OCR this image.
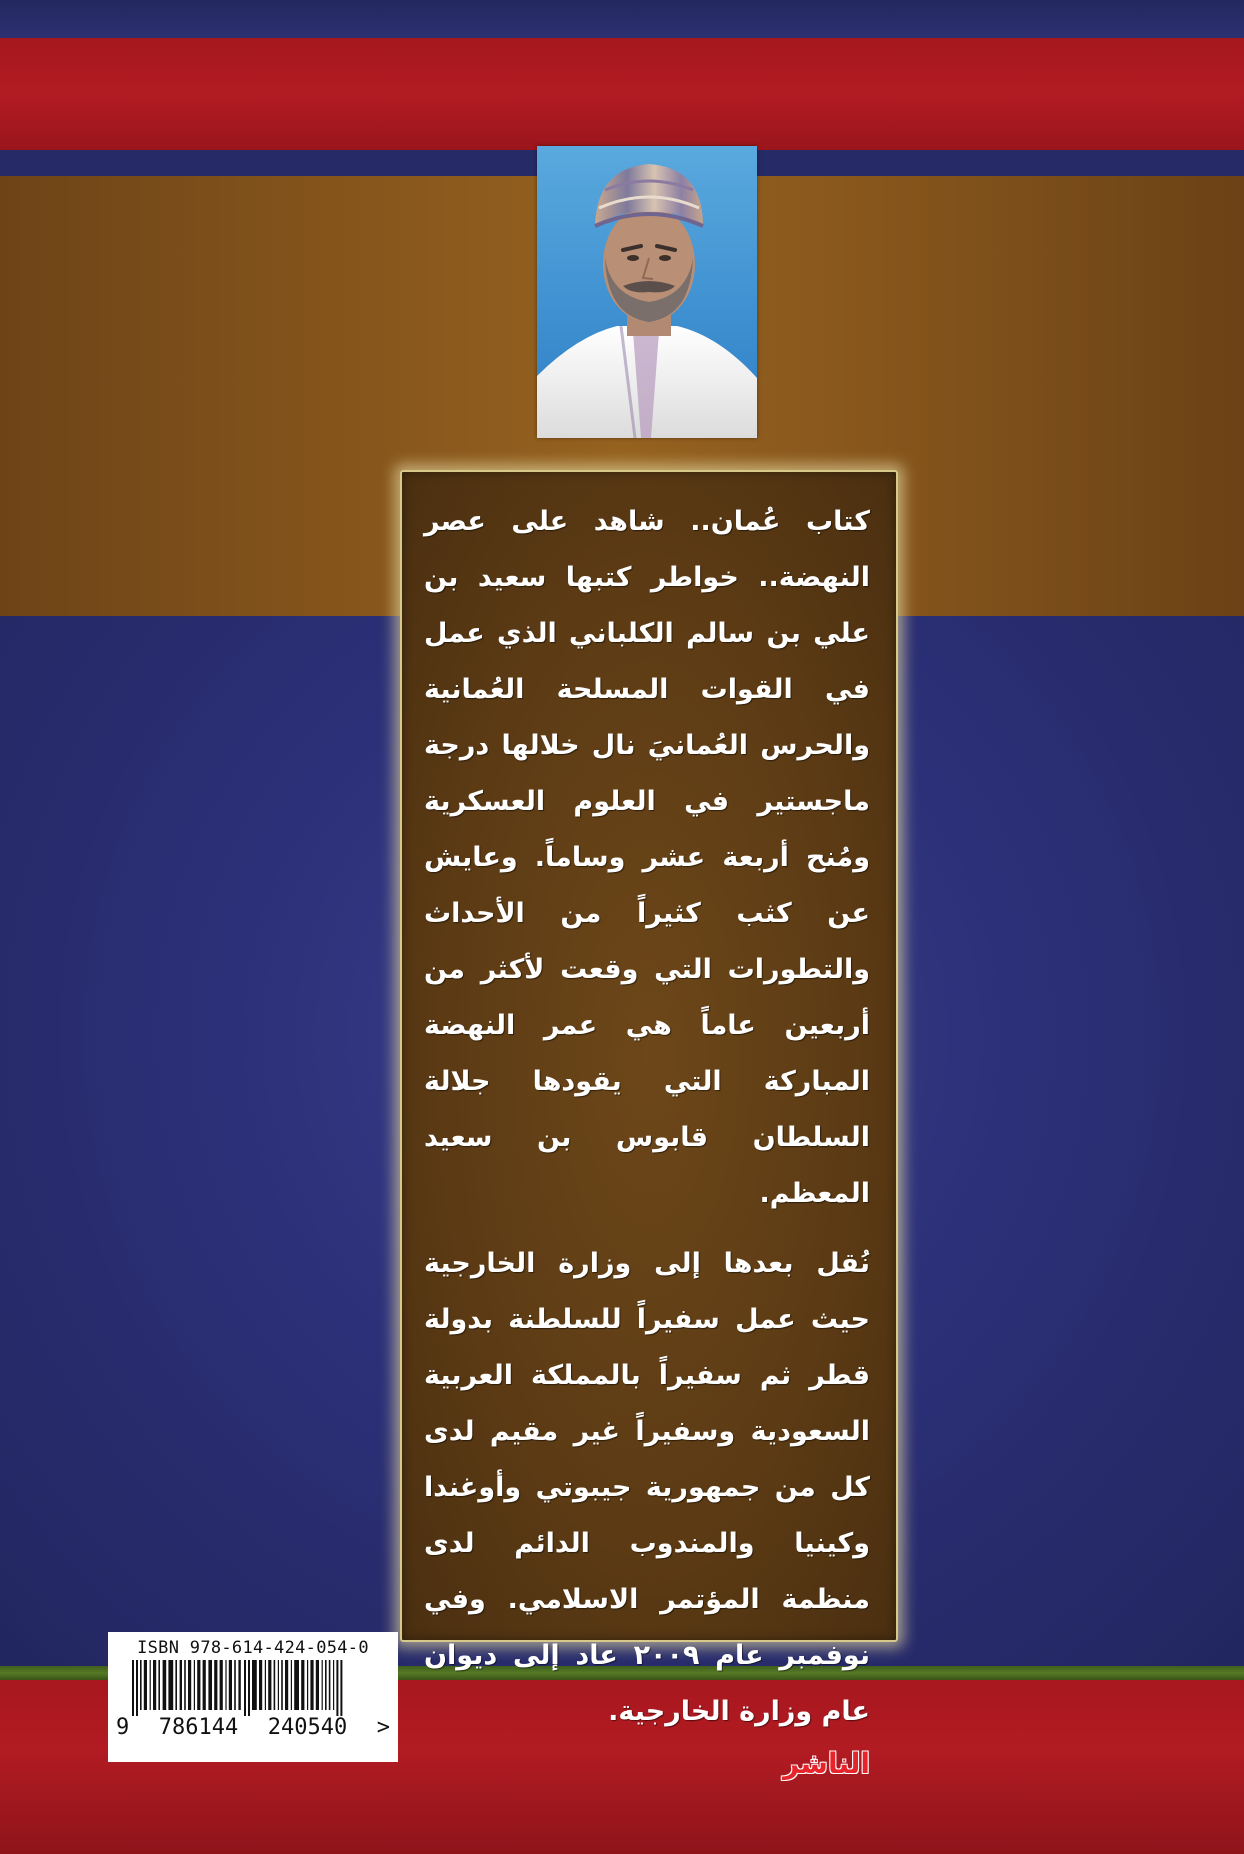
كتاب عُمان.. شاهد على عصر النهضة.. خواطر كتبها سعيد بن علي بن سالم الكلباني الذي عمل في القوات المسلحة العُمانية والحرس العُمانيَ نال خلالها درجة ماجستير في العلوم العسكرية ومُنح أربعة عشر وساماً. وعايش عن كثب كثيراً من الأحداث والتطورات التي وقعت لأكثر من أربعين عاماً هي عمر النهضة المباركة التي يقودها جلالة السلطان قابوس بن سعيد المعظم.

نُقل بعدها إلى وزارة الخارجية حيث عمل سفيراً للسلطنة بدولة قطر ثم سفيراً بالمملكة العربية السعودية وسفيراً غير مقيم لدى كل من جمهورية جيبوتي وأوغندا وكينيا والمندوب الدائم لدى منظمة المؤتمر الاسلامي. وفي نوفمبر عام ٢٠٠٩ عاد إلى ديوان عام وزارة الخارجية.

الناشر
ISBN 978-614-424-054-0
9 786144 240540 >
